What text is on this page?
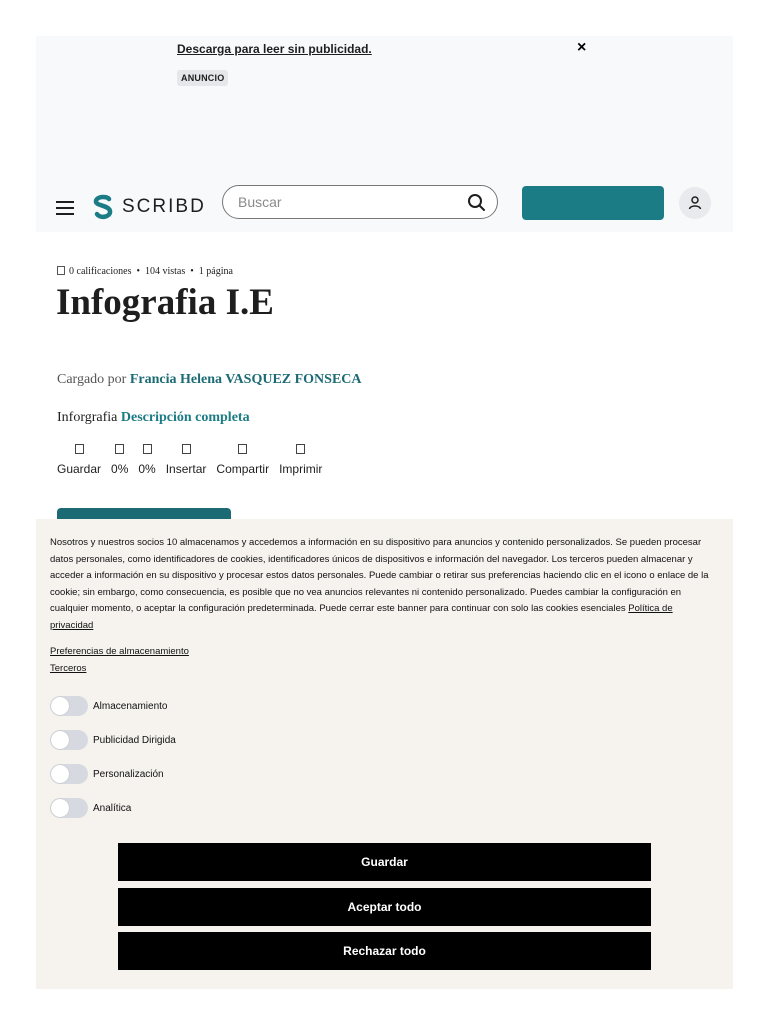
Descarga para leer sin publicidad.
ANUNCIO
×
SCRIBD
Buscar
0 calificaciones • 104 vistas • 1 página
Infografia I.E
Cargado por Francia Helena VASQUEZ FONSECA
Inforgrafia Descripción completa
Guardar 0% 0% Insertar Compartir Imprimir
Nosotros y nuestros socios 10 almacenamos y accedemos a información en su dispositivo para anuncios y contenido personalizados. Se pueden procesar datos personales, como identificadores de cookies, identificadores únicos de dispositivos e información del navegador. Los terceros pueden almacenar y acceder a información en su dispositivo y procesar estos datos personales. Puede cambiar o retirar sus preferencias haciendo clic en el icono o enlace de la cookie; sin embargo, como consecuencia, es posible que no vea anuncios relevantes ni contenido personalizado. Puedes cambiar la configuración en cualquier momento, o aceptar la configuración predeterminada. Puede cerrar este banner para continuar con solo las cookies esenciales Política de privacidad
Preferencias de almacenamiento
Terceros
Almacenamiento
Publicidad Dirigida
Personalización
Analítica
Guardar
Aceptar todo
Rechazar todo
